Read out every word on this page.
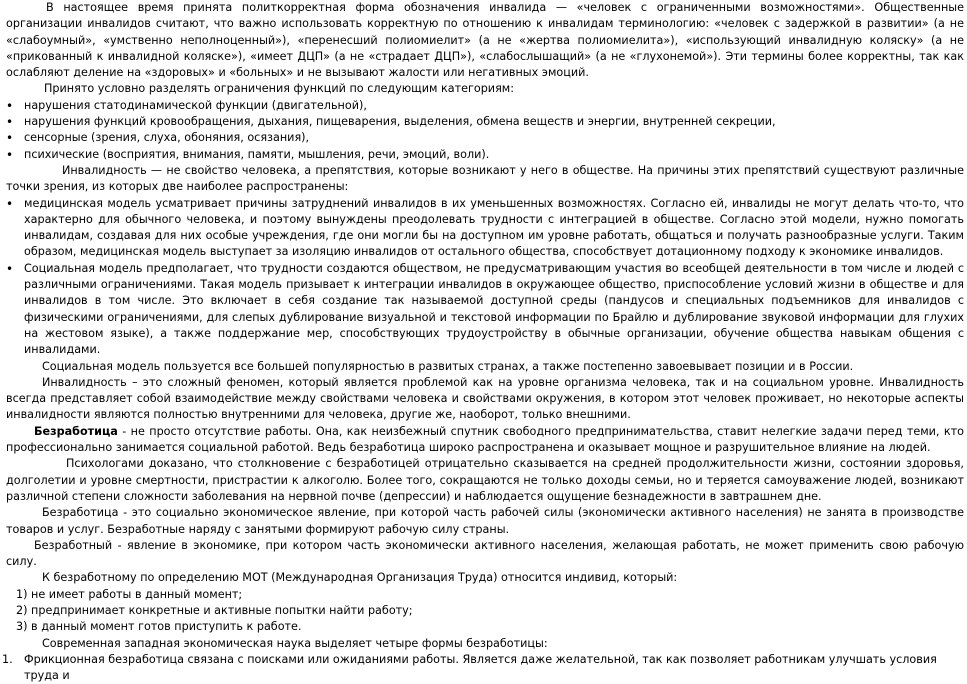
В настоящее время принята политкорректная форма обозначения инвалида — «человек с ограниченными возможностями». Общественные организации инвалидов считают, что важно использовать корректную по отношению к инвалидам терминологию: «человек с задержкой в развитии» (а не «слабоумный», «умственно неполноценный»), «перенесший полиомиелит» (а не «жертва полиомиелита»), «использующий инвалидную коляску» (а не «прикованный к инвалидной коляске»), «имеет ДЦП» (а не «страдает ДЦП»), «слабослышащий» (а не «глухонемой»). Эти термины более корректны, так как ослабляют деление на «здоровых» и «больных» и не вызывают жалости или негативных эмоций.

Принято условно разделять ограничения функций по следующим категориям:

• нарушения статодинамической функции (двигательной),
• нарушения функций кровообращения, дыхания, пищеварения, выделения, обмена веществ и энергии, внутренней секреции,
• сенсорные (зрения, слуха, обоняния, осязания),
• психические (восприятия, внимания, памяти, мышления, речи, эмоций, воли).

Инвалидность — не свойство человека, а препятствия, которые возникают у него в обществе. На причины этих препятствий существуют различные точки зрения, из которых две наиболее распространены:

• медицинская модель усматривает причины затруднений инвалидов в их уменьшенных возможностях. Согласно ей, инвалиды не могут делать что-то, что характерно для обычного человека, и поэтому вынуждены преодолевать трудности с интеграцией в обществе. Согласно этой модели, нужно помогать инвалидам, создавая для них особые учреждения, где они могли бы на доступном им уровне работать, общаться и получать разнообразные услуги. Таким образом, медицинская модель выступает за изоляцию инвалидов от остального общества, способствует дотационному подходу к экономике инвалидов.
• Социальная модель предполагает, что трудности создаются обществом, не предусматривающим участия во всеобщей деятельности в том числе и людей с различными ограничениями. Такая модель призывает к интеграции инвалидов в окружающее общество, приспособление условий жизни в обществе и для инвалидов в том числе. Это включает в себя создание так называемой доступной среды (пандусов и специальных подъемников для инвалидов с физическими ограничениями, для слепых дублирование визуальной и текстовой информации по Брайлю и дублирование звуковой информации для глухих на жестовом языке), а также поддержание мер, способствующих трудоустройству в обычные организации, обучение общества навыкам общения с инвалидами.

Социальная модель пользуется все большей популярностью в развитых странах, а также постепенно завоевывает позиции и в России.

Инвалидность – это сложный феномен, который является проблемой как на уровне организма человека, так и на социальном уровне. Инвалидность всегда представляет собой взаимодействие между свойствами человека и свойствами окружения, в котором этот человек проживает, но некоторые аспекты инвалидности являются полностью внутренними для человека, другие же, наоборот, только внешними.

Безработица - не просто отсутствие работы. Она, как неизбежный спутник свободного предпринимательства, ставит нелегкие задачи перед теми, кто профессионально занимается социальной работой. Ведь безработица широко распространена и оказывает мощное и разрушительное влияние на людей.

Психологами доказано, что столкновение с безработицей отрицательно сказывается на средней продолжительности жизни, состоянии здоровья, долголетии и уровне смертности, пристрастии к алкоголю. Более того, сокращаются не только доходы семьи, но и теряется самоуважение людей, возникают различной степени сложности заболевания на нервной почве (депрессии) и наблюдается ощущение безнадежности в завтрашнем дне.

Безработица - это социально экономическое явление, при которой часть рабочей силы (экономически активного населения) не занята в производстве товаров и услуг. Безработные наряду с занятыми формируют рабочую силу страны.

Безработный - явление в экономике, при котором часть экономически активного населения, желающая работать, не может применить свою рабочую силу.

К безработному по определению МОТ (Международная Организация Труда) относится индивид, который:

1) не имеет работы в данный момент;

2) предпринимает конкретные и активные попытки найти работу;

3) в данный момент готов приступить к работе.

Современная западная экономическая наука выделяет четыре формы безработицы:

1. Фрикционная безработица связана с поисками или ожиданиями работы. Является даже желательной, так как позволяет работникам улучшать условия труда и
